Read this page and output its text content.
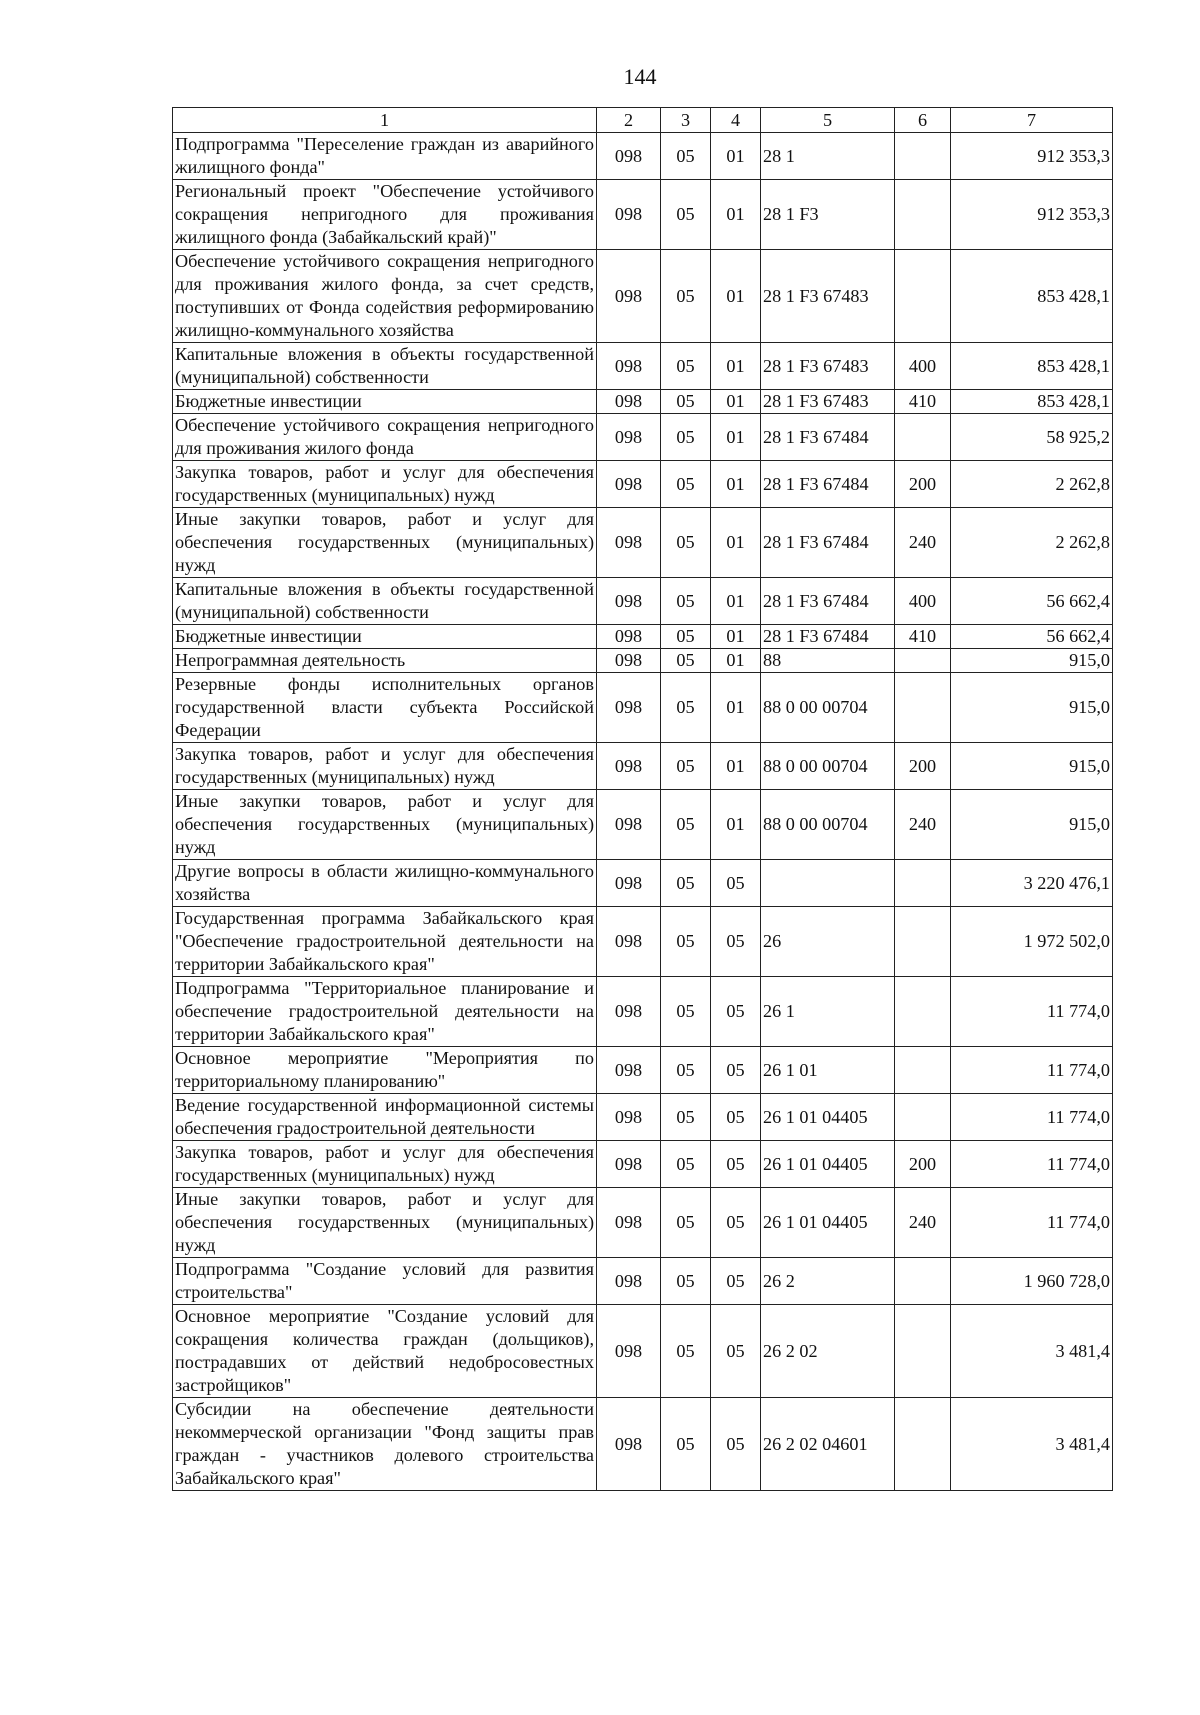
144
1	2	3	4	5	6	7
Подпрограмма "Переселение граждан из аварийного жилищного фонда"	098	05	01	28 1		912 353,3
Региональный проект "Обеспечение устойчивого сокращения непригодного для проживания жилищного фонда (Забайкальский край)"	098	05	01	28 1 F3		912 353,3
Обеспечение устойчивого сокращения непригодного для проживания жилого фонда, за счет средств, поступивших от Фонда содействия реформированию жилищно-коммунального хозяйства	098	05	01	28 1 F3 67483		853 428,1
Капитальные вложения в объекты государственной (муниципальной) собственности	098	05	01	28 1 F3 67483	400	853 428,1
Бюджетные инвестиции	098	05	01	28 1 F3 67483	410	853 428,1
Обеспечение устойчивого сокращения непригодного для проживания жилого фонда	098	05	01	28 1 F3 67484		58 925,2
Закупка товаров, работ и услуг для обеспечения государственных (муниципальных) нужд	098	05	01	28 1 F3 67484	200	2 262,8
Иные закупки товаров, работ и услуг для обеспечения государственных (муниципальных) нужд	098	05	01	28 1 F3 67484	240	2 262,8
Капитальные вложения в объекты государственной (муниципальной) собственности	098	05	01	28 1 F3 67484	400	56 662,4
Бюджетные инвестиции	098	05	01	28 1 F3 67484	410	56 662,4
Непрограммная деятельность	098	05	01	88		915,0
Резервные фонды исполнительных органов государственной власти субъекта Российской Федерации	098	05	01	88 0 00 00704		915,0
Закупка товаров, работ и услуг для обеспечения государственных (муниципальных) нужд	098	05	01	88 0 00 00704	200	915,0
Иные закупки товаров, работ и услуг для обеспечения государственных (муниципальных) нужд	098	05	01	88 0 00 00704	240	915,0
Другие вопросы в области жилищно-коммунального хозяйства	098	05	05			3 220 476,1
Государственная программа Забайкальского края "Обеспечение градостроительной деятельности на территории Забайкальского края"	098	05	05	26		1 972 502,0
Подпрограмма "Территориальное планирование и обеспечение градостроительной деятельности на территории Забайкальского края"	098	05	05	26 1		11 774,0
Основное мероприятие "Мероприятия по территориальному планированию"	098	05	05	26 1 01		11 774,0
Ведение государственной информационной системы обеспечения градостроительной деятельности	098	05	05	26 1 01 04405		11 774,0
Закупка товаров, работ и услуг для обеспечения государственных (муниципальных) нужд	098	05	05	26 1 01 04405	200	11 774,0
Иные закупки товаров, работ и услуг для обеспечения государственных (муниципальных) нужд	098	05	05	26 1 01 04405	240	11 774,0
Подпрограмма "Создание условий для развития строительства"	098	05	05	26 2		1 960 728,0
Основное мероприятие "Создание условий для сокращения количества граждан (дольщиков), пострадавших от действий недобросовестных застройщиков"	098	05	05	26 2 02		3 481,4
Субсидии на обеспечение деятельности некоммерческой организации "Фонд защиты прав граждан - участников долевого строительства Забайкальского края"	098	05	05	26 2 02 04601		3 481,4
